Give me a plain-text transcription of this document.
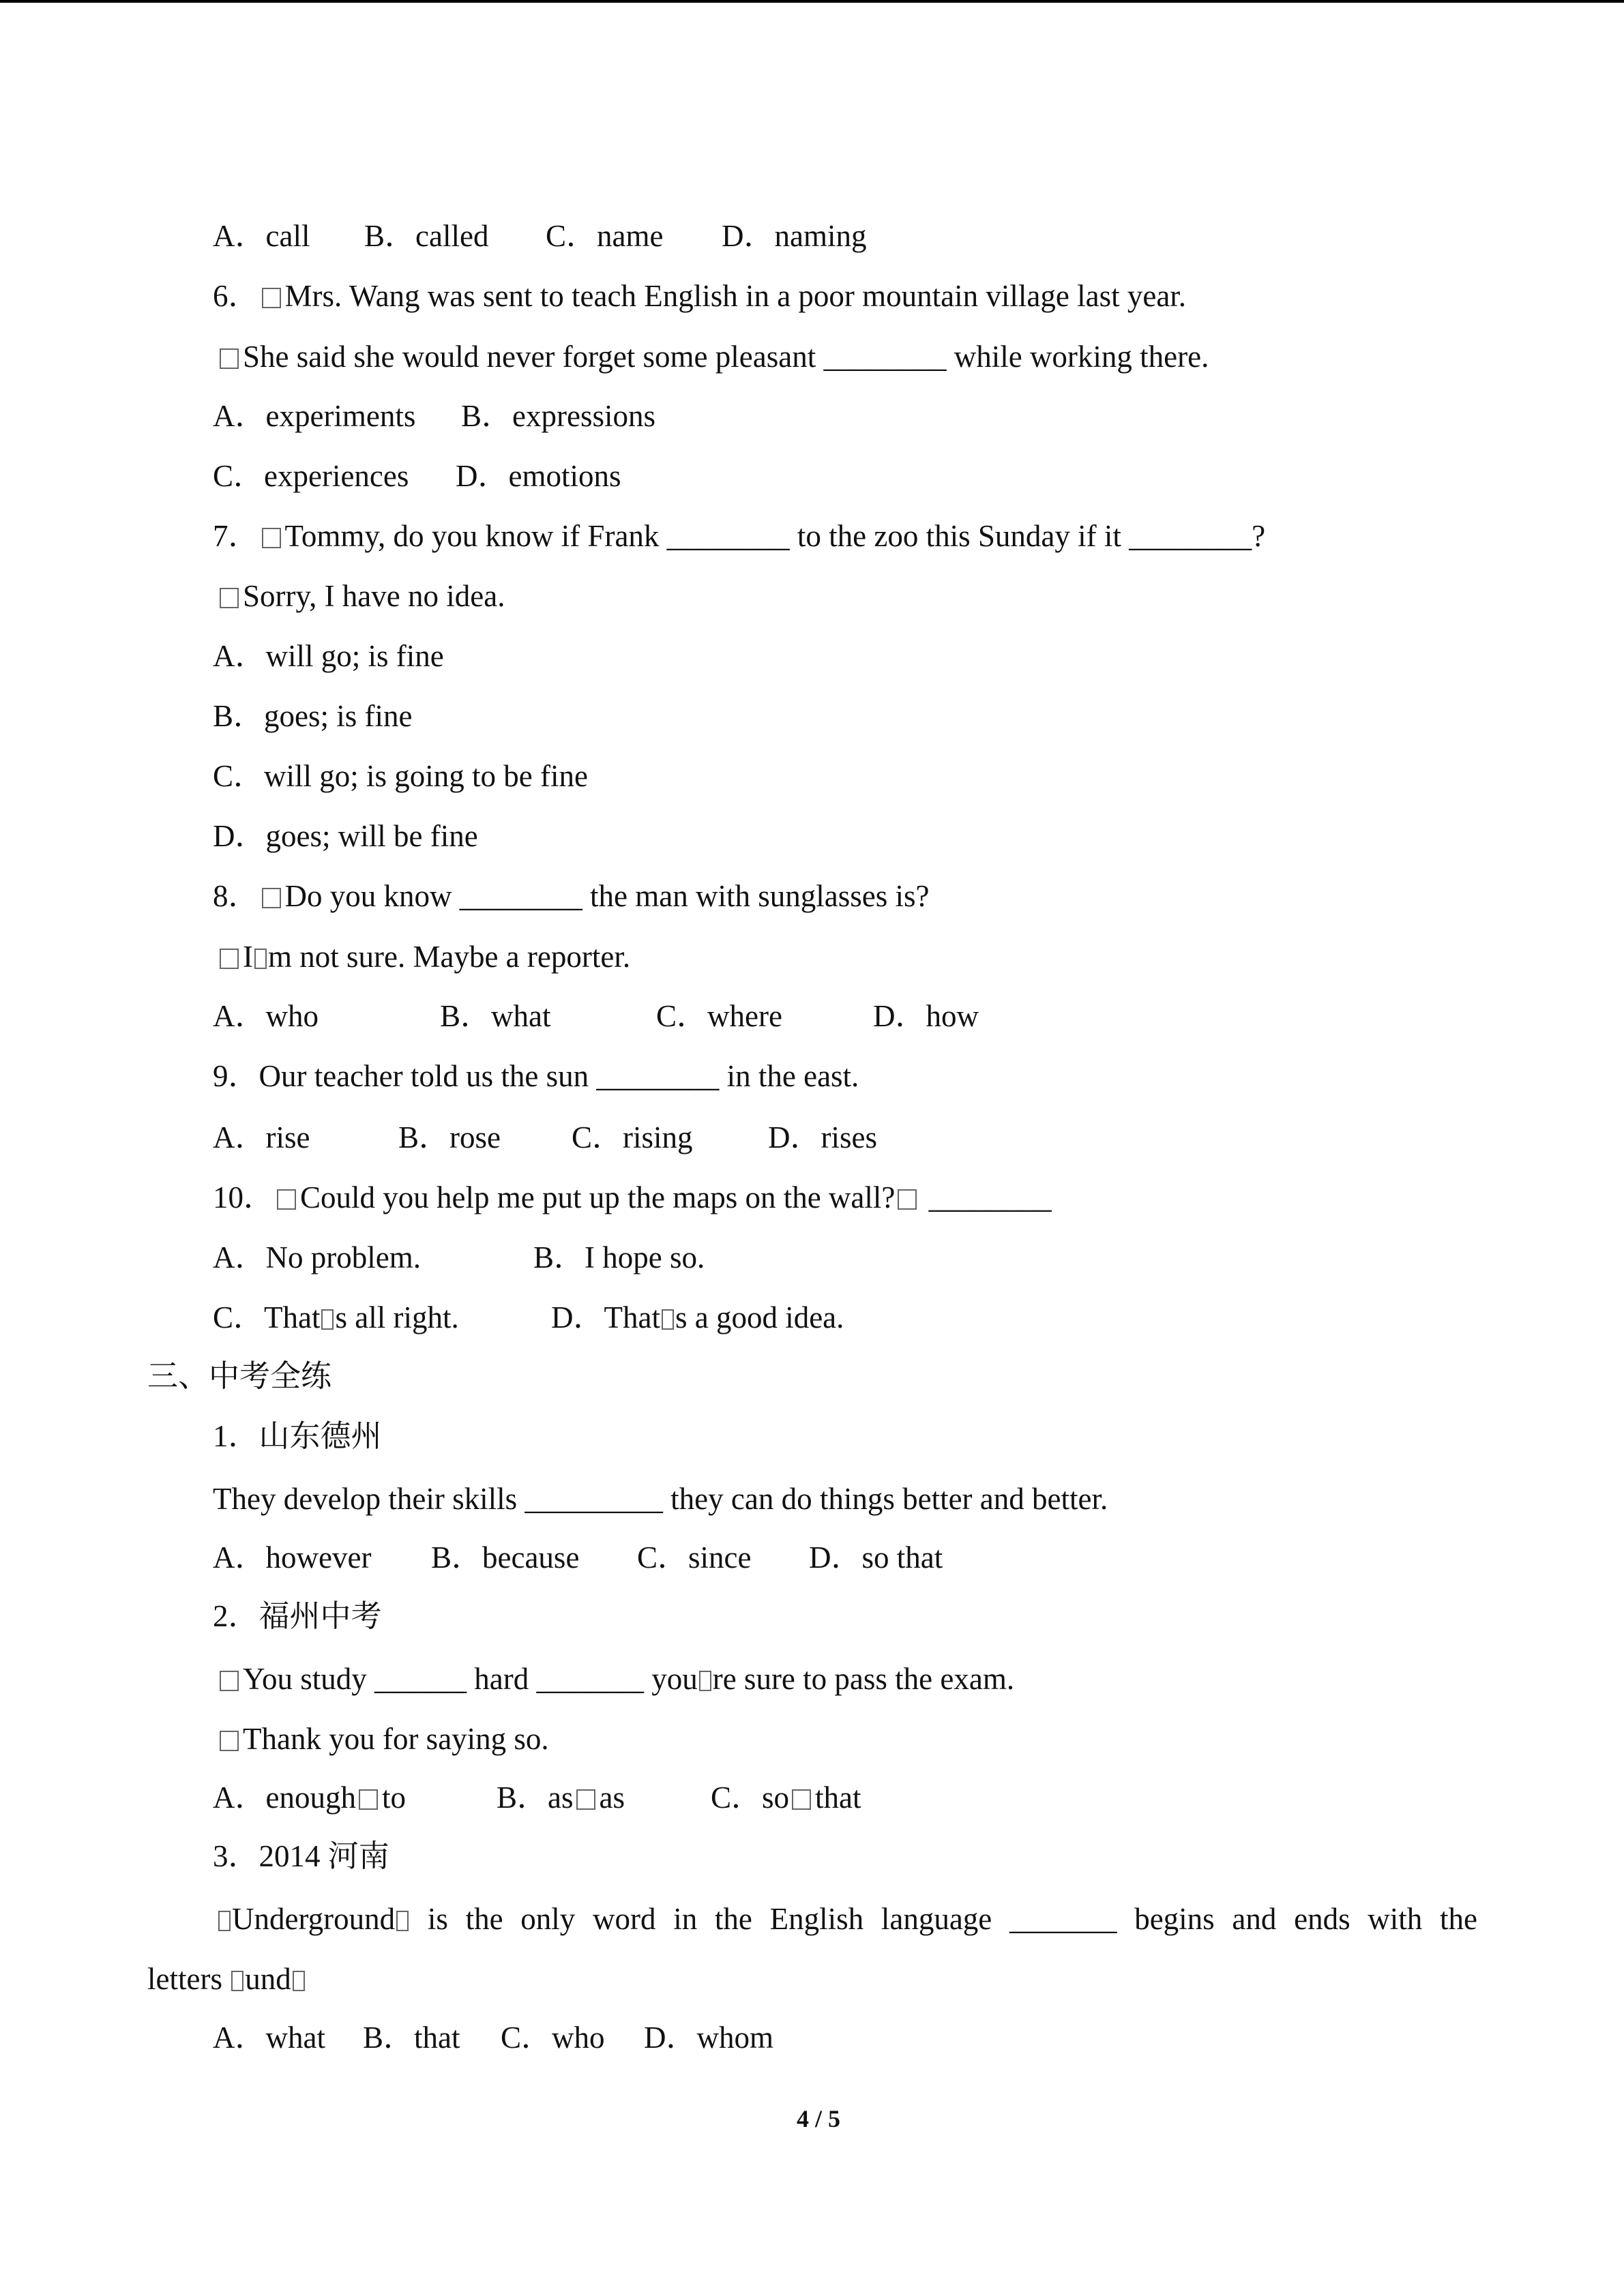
A．call B．called C．name D．naming
6． Mrs. Wang was sent to teach English in a poor mountain village last year.
She said she would never forget some pleasant ________ while working there.
A．experiments B．expressions
C．experiences D．emotions
7． Tommy, do you know if Frank ________ to the zoo this Sunday if it ________?
Sorry, I have no idea.
A．will go; is fine
B．goes; is fine
C．will go; is going to be fine
D．goes; will be fine
8． Do you know ________ the man with sunglasses is?
I m not sure. Maybe a reporter.
A．who	B．what	C．where	D．how
9．Our teacher told us the sun ________ in the east.
A．rise	B．rose C．rising D．rises
10． Could you help me put up the maps on the wall? ________
A．No problem.	B．I hope so.
C．That s all right.	D．That s a good idea.
三、中考全练
1．山东德州
They develop their skills _________ they can do things better and better.
A．however B．because C．since D．so that
2．福州中考
You study ______ hard _______ you re sure to pass the exam.
Thank you for saying so.
A．enough to	B．as as	C．so that
3．2014 河南
Underground is the only word in the English language _______ begins and ends with the
letters und
A．what B．that C．who D．whom
4 / 5
